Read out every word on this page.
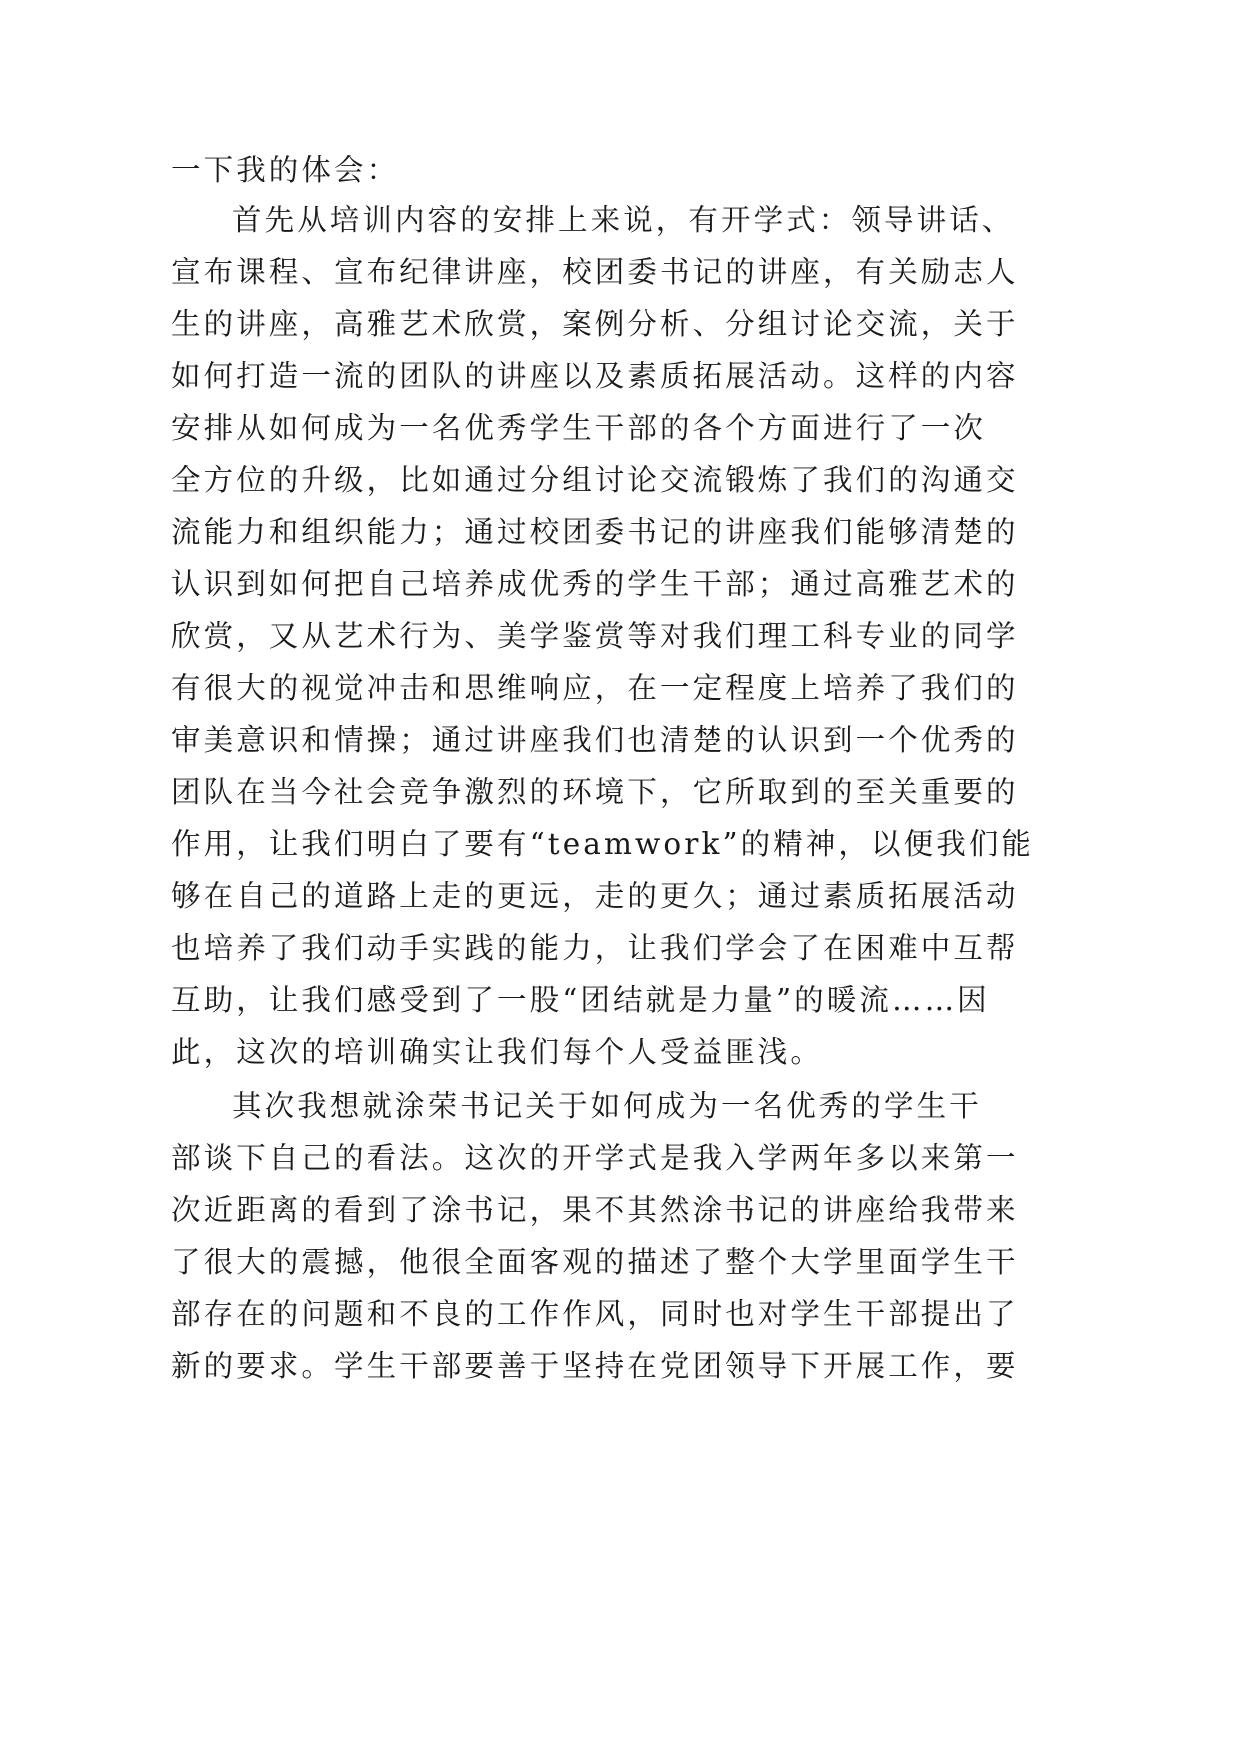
一下我的体会：

首先从培训内容的安排上来说，有开学式：领导讲话、

宣布课程、宣布纪律讲座，校团委书记的讲座，有关励志人

生的讲座，高雅艺术欣赏，案例分析、分组讨论交流，关于

如何打造一流的团队的讲座以及素质拓展活动。这样的内容

安排从如何成为一名优秀学生干部的各个方面进行了一次

全方位的升级，比如通过分组讨论交流锻炼了我们的沟通交

流能力和组织能力；通过校团委书记的讲座我们能够清楚的

认识到如何把自己培养成优秀的学生干部；通过高雅艺术的

欣赏，又从艺术行为、美学鉴赏等对我们理工科专业的同学

有很大的视觉冲击和思维响应，在一定程度上培养了我们的

审美意识和情操；通过讲座我们也清楚的认识到一个优秀的

团队在当今社会竞争激烈的环境下，它所取到的至关重要的

作用，让我们明白了要有“teamwork”的精神，以便我们能

够在自己的道路上走的更远，走的更久；通过素质拓展活动

也培养了我们动手实践的能力，让我们学会了在困难中互帮

互助，让我们感受到了一股“团结就是力量”的暖流……因

此，这次的培训确实让我们每个人受益匪浅。

其次我想就涂荣书记关于如何成为一名优秀的学生干

部谈下自己的看法。这次的开学式是我入学两年多以来第一

次近距离的看到了涂书记，果不其然涂书记的讲座给我带来

了很大的震撼，他很全面客观的描述了整个大学里面学生干

部存在的问题和不良的工作作风，同时也对学生干部提出了

新的要求。学生干部要善于坚持在党团领导下开展工作，要
